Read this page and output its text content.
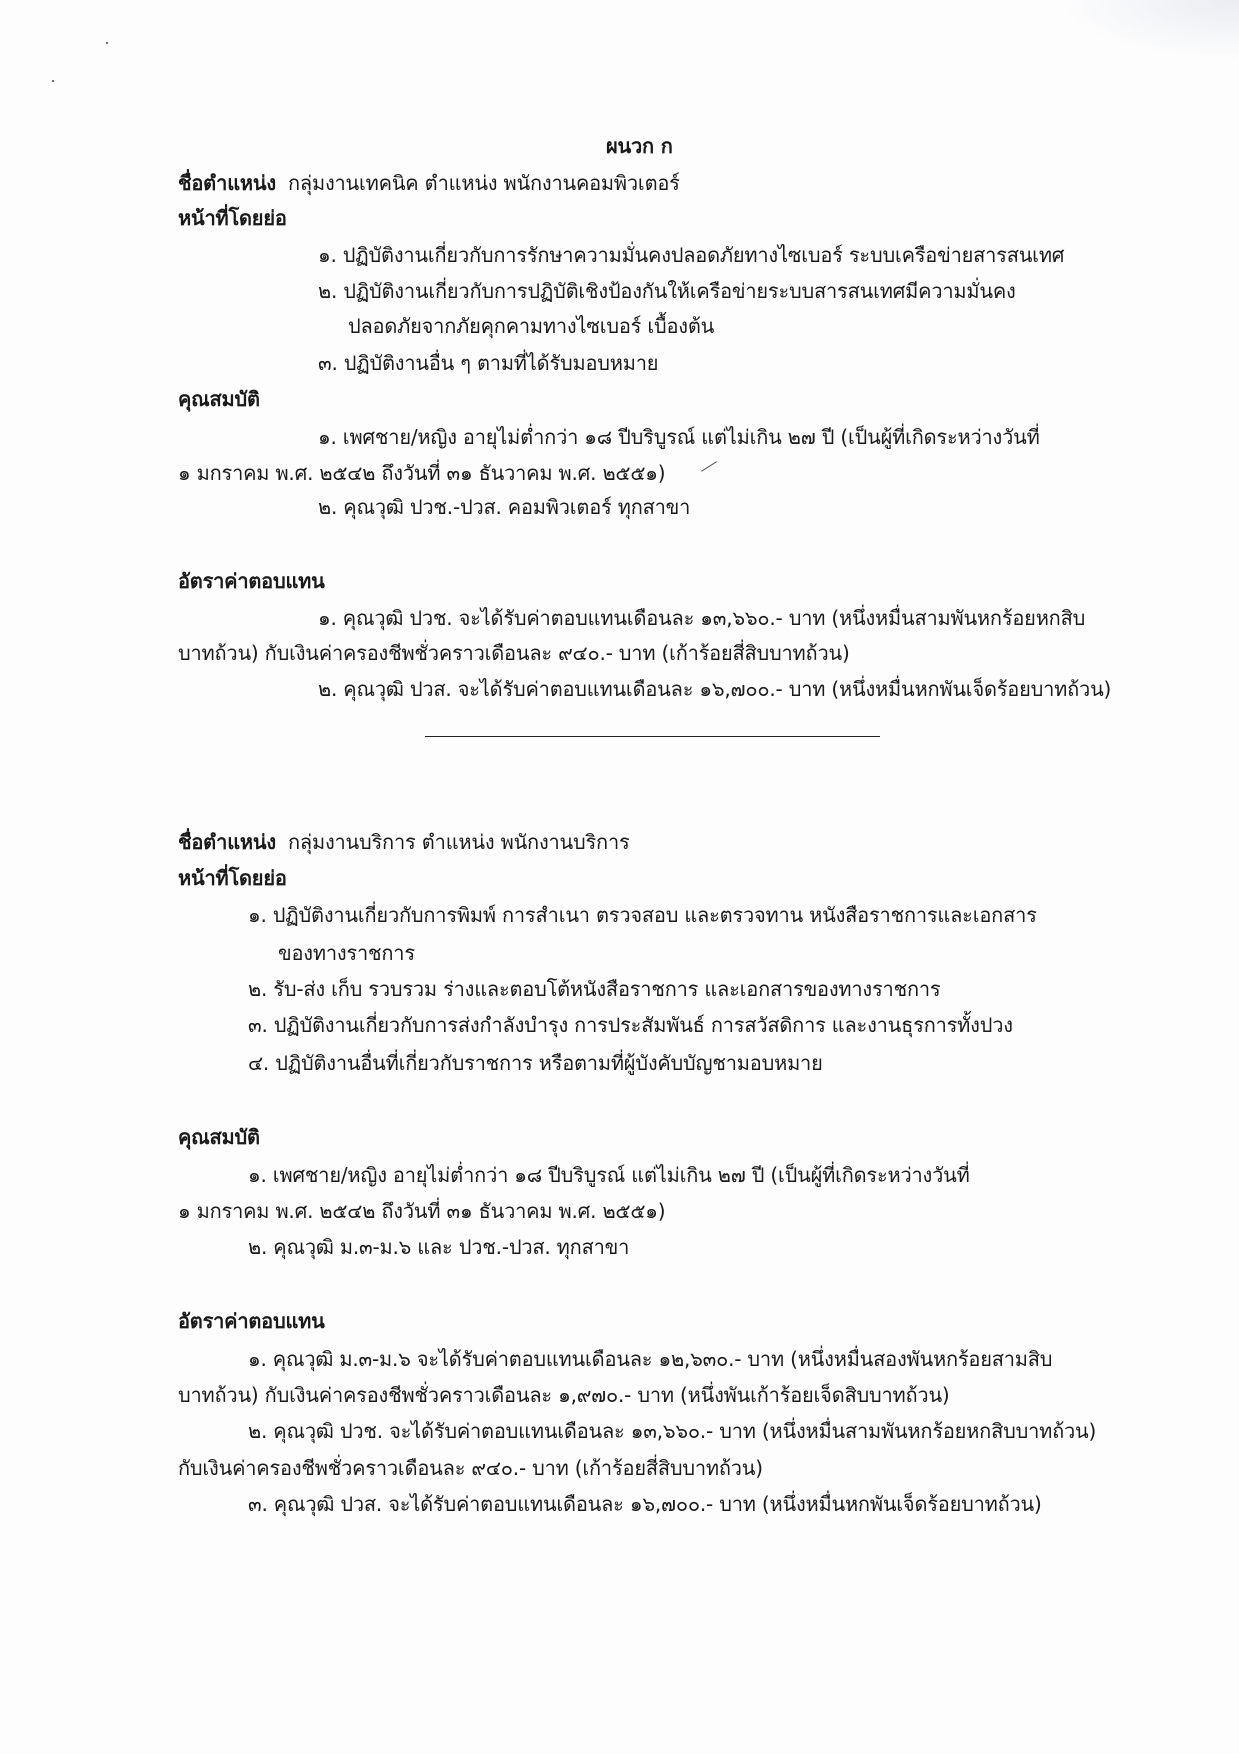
ผนวก ก
ชื่อตำแหน่ง กลุ่มงานเทคนิค ตำแหน่ง พนักงานคอมพิวเตอร์
หน้าที่โดยย่อ
๑. ปฏิบัติงานเกี่ยวกับการรักษาความมั่นคงปลอดภัยทางไซเบอร์ ระบบเครือข่ายสารสนเทศ
๒. ปฏิบัติงานเกี่ยวกับการปฏิบัติเชิงป้องกันให้เครือข่ายระบบสารสนเทศมีความมั่นคง
ปลอดภัยจากภัยคุกคามทางไซเบอร์ เบื้องต้น
๓. ปฏิบัติงานอื่น ๆ ตามที่ได้รับมอบหมาย
คุณสมบัติ
๑. เพศชาย/หญิง อายุไม่ต่ำกว่า ๑๘ ปีบริบูรณ์ แต่ไม่เกิน ๒๗ ปี (เป็นผู้ที่เกิดระหว่างวันที่
๑ มกราคม พ.ศ. ๒๕๔๒ ถึงวันที่ ๓๑ ธันวาคม พ.ศ. ๒๕๕๑)
๒. คุณวุฒิ ปวช.-ปวส. คอมพิวเตอร์ ทุกสาขา
อัตราค่าตอบแทน
๑. คุณวุฒิ ปวช. จะได้รับค่าตอบแทนเดือนละ ๑๓,๖๖๐.- บาท (หนึ่งหมื่นสามพันหกร้อยหกสิบ
บาทถ้วน) กับเงินค่าครองชีพชั่วคราวเดือนละ ๙๔๐.- บาท (เก้าร้อยสี่สิบบาทถ้วน)
๒. คุณวุฒิ ปวส. จะได้รับค่าตอบแทนเดือนละ ๑๖,๗๐๐.- บาท (หนึ่งหมื่นหกพันเจ็ดร้อยบาทถ้วน)
ชื่อตำแหน่ง กลุ่มงานบริการ ตำแหน่ง พนักงานบริการ
หน้าที่โดยย่อ
๑. ปฏิบัติงานเกี่ยวกับการพิมพ์ การสำเนา ตรวจสอบ และตรวจทาน หนังสือราชการและเอกสาร
ของทางราชการ
๒. รับ-ส่ง เก็บ รวบรวม ร่างและตอบโต้หนังสือราชการ และเอกสารของทางราชการ
๓. ปฏิบัติงานเกี่ยวกับการส่งกำลังบำรุง การประสัมพันธ์ การสวัสดิการ และงานธุรการทั้งปวง
๔. ปฏิบัติงานอื่นที่เกี่ยวกับราชการ หรือตามที่ผู้บังคับบัญชามอบหมาย
คุณสมบัติ
๑. เพศชาย/หญิง อายุไม่ต่ำกว่า ๑๘ ปีบริบูรณ์ แต่ไม่เกิน ๒๗ ปี (เป็นผู้ที่เกิดระหว่างวันที่
๑ มกราคม พ.ศ. ๒๕๔๒ ถึงวันที่ ๓๑ ธันวาคม พ.ศ. ๒๕๕๑)
๒. คุณวุฒิ ม.๓-ม.๖ และ ปวช.-ปวส. ทุกสาขา
อัตราค่าตอบแทน
๑. คุณวุฒิ ม.๓-ม.๖ จะได้รับค่าตอบแทนเดือนละ ๑๒,๖๓๐.- บาท (หนึ่งหมื่นสองพันหกร้อยสามสิบ
บาทถ้วน) กับเงินค่าครองชีพชั่วคราวเดือนละ ๑,๙๗๐.- บาท (หนึ่งพันเก้าร้อยเจ็ดสิบบาทถ้วน)
๒. คุณวุฒิ ปวช. จะได้รับค่าตอบแทนเดือนละ ๑๓,๖๖๐.- บาท (หนึ่งหมื่นสามพันหกร้อยหกสิบบาทถ้วน)
กับเงินค่าครองชีพชั่วคราวเดือนละ ๙๔๐.- บาท (เก้าร้อยสี่สิบบาทถ้วน)
๓. คุณวุฒิ ปวส. จะได้รับค่าตอบแทนเดือนละ ๑๖,๗๐๐.- บาท (หนึ่งหมื่นหกพันเจ็ดร้อยบาทถ้วน)
